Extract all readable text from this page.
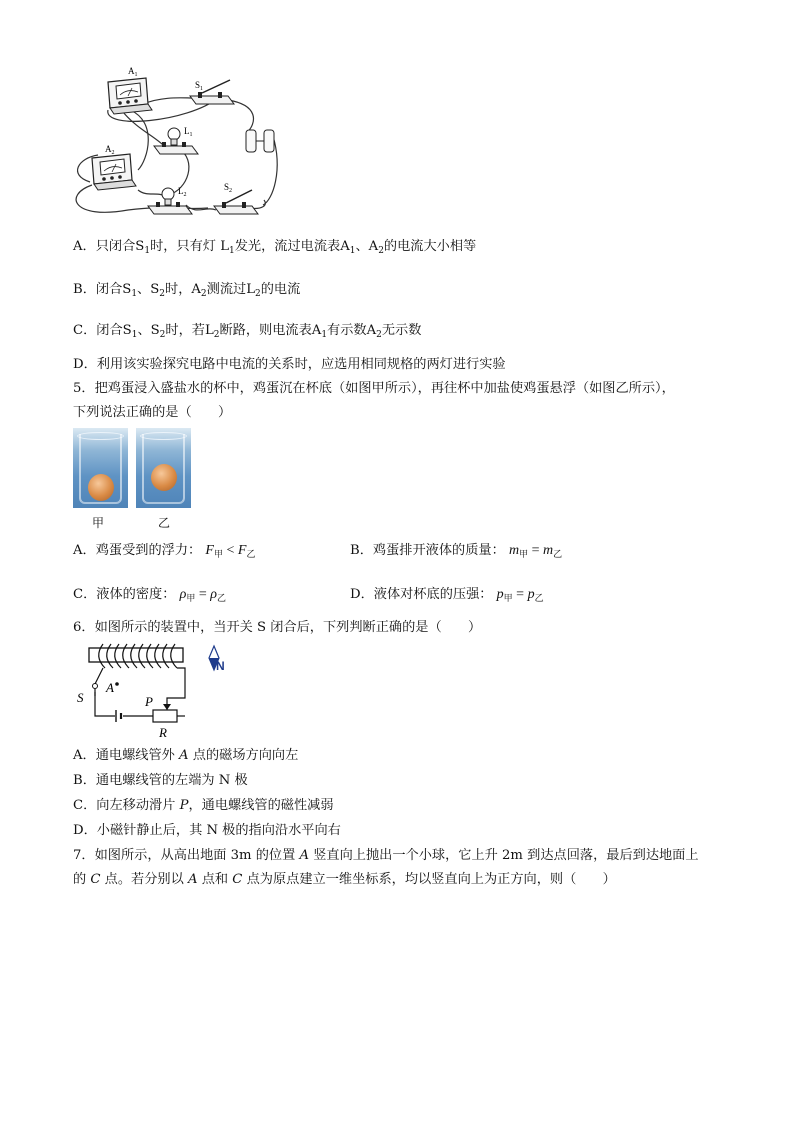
$A_1$
$A_2$
$S_1$
$L_1$
$L_2$
$S_2$
A．只闭合$S_1$时，只有灯 $L_1$发光，流过电流表$A_1$、$A_2$的电流大小相等
B．闭合$S_1$、$S_2$时，$A_2$测流过$L_2$的电流
C．闭合$S_1$、$S_2$时，若$L_2$断路，则电流表$A_1$有示数$A_2$无示数
D．利用该实验探究电路中电流的关系时，应选用相同规格的两灯进行实验
5．把鸡蛋浸入盛盐水的杯中，鸡蛋沉在杯底（如图甲所示），再往杯中加盐使鸡蛋悬浮（如图乙所示），
下列说法正确的是（　　）
甲	乙
A．鸡蛋受到的浮力： $F_甲 < F_乙$	B．鸡蛋排开液体的质量： $m_甲 = m_乙$
C．液体的密度： $\rho_甲 = \rho_乙$	D．液体对杯底的压强： $p_甲 = p_乙$
6．如图所示的装置中，当开关 S 闭合后，下列判断正确的是（　　）
S
A
P
R
N
A．通电螺线管外 A 点的磁场方向向左
B．通电螺线管的左端为 N 极
C．向左移动滑片 P，通电螺线管的磁性减弱
D．小磁针静止后，其 N 极的指向沿水平向右
7．如图所示，从高出地面 3m 的位置 A 竖直向上抛出一个小球，它上升 2m 到达点回落，最后到达地面上
的 C 点。若分别以 A 点和 C 点为原点建立一维坐标系，均以竖直向上为正方向，则（　　）
